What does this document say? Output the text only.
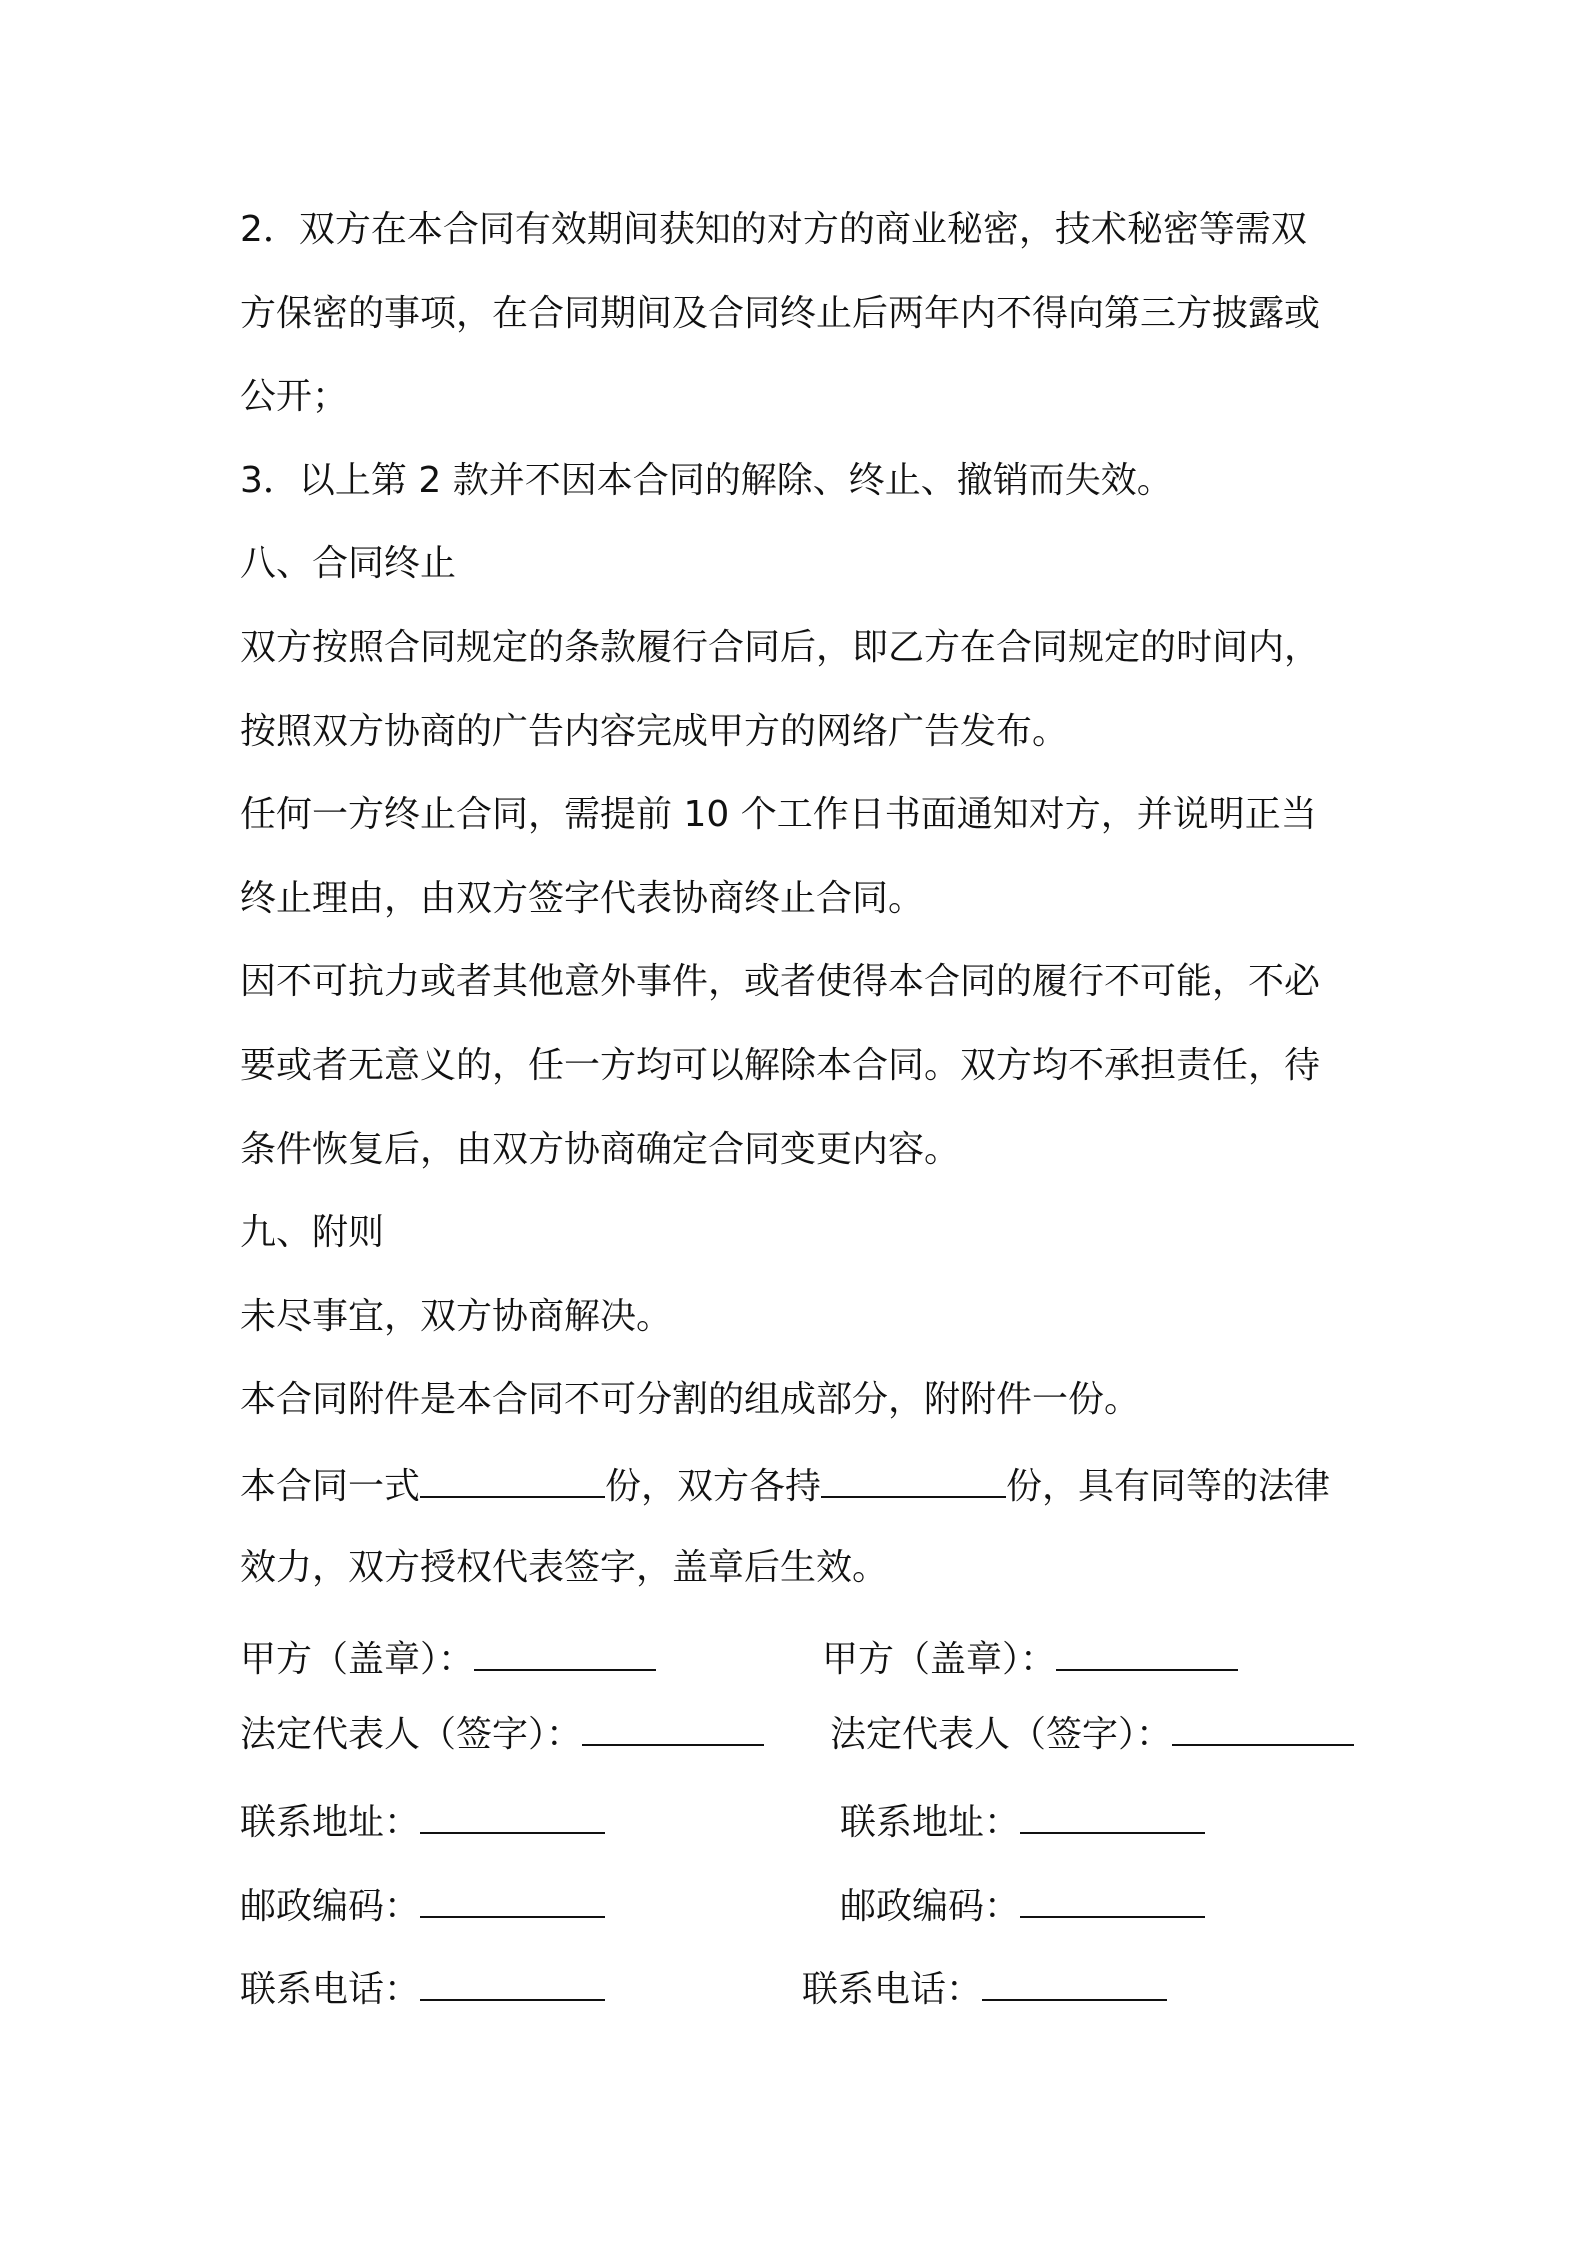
2．双方在本合同有效期间获知的对方的商业秘密，技术秘密等需双

方保密的事项，在合同期间及合同终止后两年内不得向第三方披露或

公开；

3．以上第 2 款并不因本合同的解除、终止、撤销而失效。

八、合同终止

双方按照合同规定的条款履行合同后，即乙方在合同规定的时间内，

按照双方协商的广告内容完成甲方的网络广告发布。

任何一方终止合同，需提前 10 个工作日书面通知对方，并说明正当

终止理由，由双方签字代表协商终止合同。

因不可抗力或者其他意外事件，或者使得本合同的履行不可能，不必

要或者无意义的，任一方均可以解除本合同。双方均不承担责任，待

条件恢复后，由双方协商确定合同变更内容。

九、附则

未尽事宜，双方协商解决。

本合同附件是本合同不可分割的组成部分，附附件一份。

本合同一式	份，双方各持	份，具有同等的法律

效力，双方授权代表签字，盖章后生效。

甲方（盖章）：

法定代表人（签字）：

联系地址：

邮政编码：

联系电话：

甲方（盖章）：

法定代表人（签字）：

联系地址：

邮政编码：

联系电话：
